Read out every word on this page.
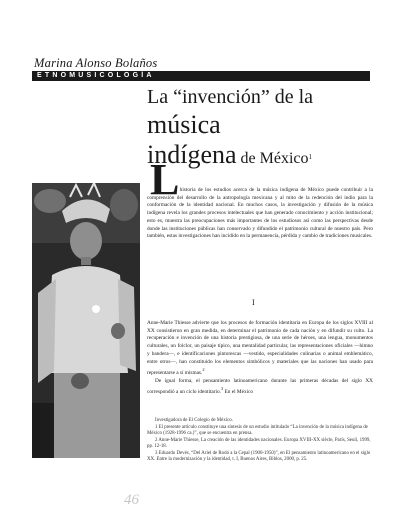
Marina Alonso Bolaños
ETNOMUSICOLOGÍA
La “invención” de la música
indígena de México$^1$
L
a historia de los estudios acerca de la música indígena de México puede contribuir a la comprensión del desarrollo de la antropología mexicana y al mito de la redención del indio para la conformación de la identidad nacional. En muchos casos, la investigación y difusión de la música indígena revela los grandes procesos intelectuales que han generado conocimiento y acción institucional; esto es, muestra las preocupaciones más importantes de los estudiosos así como las perspectivas desde donde las instituciones públicas han conservado y difundido el patrimonio cultural de nuestro país. Pero también, estas investigaciones han incidido en la permanencia, pérdida y cambio de tradiciones musicales.
I
Anne-Marie Thiesse advierte que los procesos de formación identitaria en Europa de los siglos XVIII al XX consistieron en gran medida, en determinar el patrimonio de cada nación y en difundir su culto. La recuperación e invención de una historia prestigiosa, de una serie de héroes, una lengua, monumentos culturales, un folclor, un paisaje típico, una mentalidad particular, las representaciones oficiales —himno y bandera—, e identificaciones pintorescas —vestido, especialidades culinarias o animal emblemático, entre otros—, han constituido los elementos simbólicos y materiales que las naciones han usado para representarse a sí mismas.$^2$
De igual forma, el pensamiento latinoamericano durante las primeras décadas del siglo XX correspondió a un ciclo identitario.$^3$ En el México
Investigadora de El Colegio de México.
1 El presente artículo constituye una síntesis de un estudio intitulado “La invención de la música indígena de México (1928-1996 ca.)”, que se encuentra en prensa.
2 Anne-Marie Thiesse, La creación de las identidades nacionales. Europa XVIII-XX siècle, París, Seuil, 1999, pp. 12-18.
3 Eduardo Devés, “Del Ariel de Rodó a la Cepal (1900-1950)”, en El pensamiento latinoamericano en el siglo XX. Entre la modernización y la identidad, t. I, Buenos Aires, Biblos, 2000, p. 25.
46
